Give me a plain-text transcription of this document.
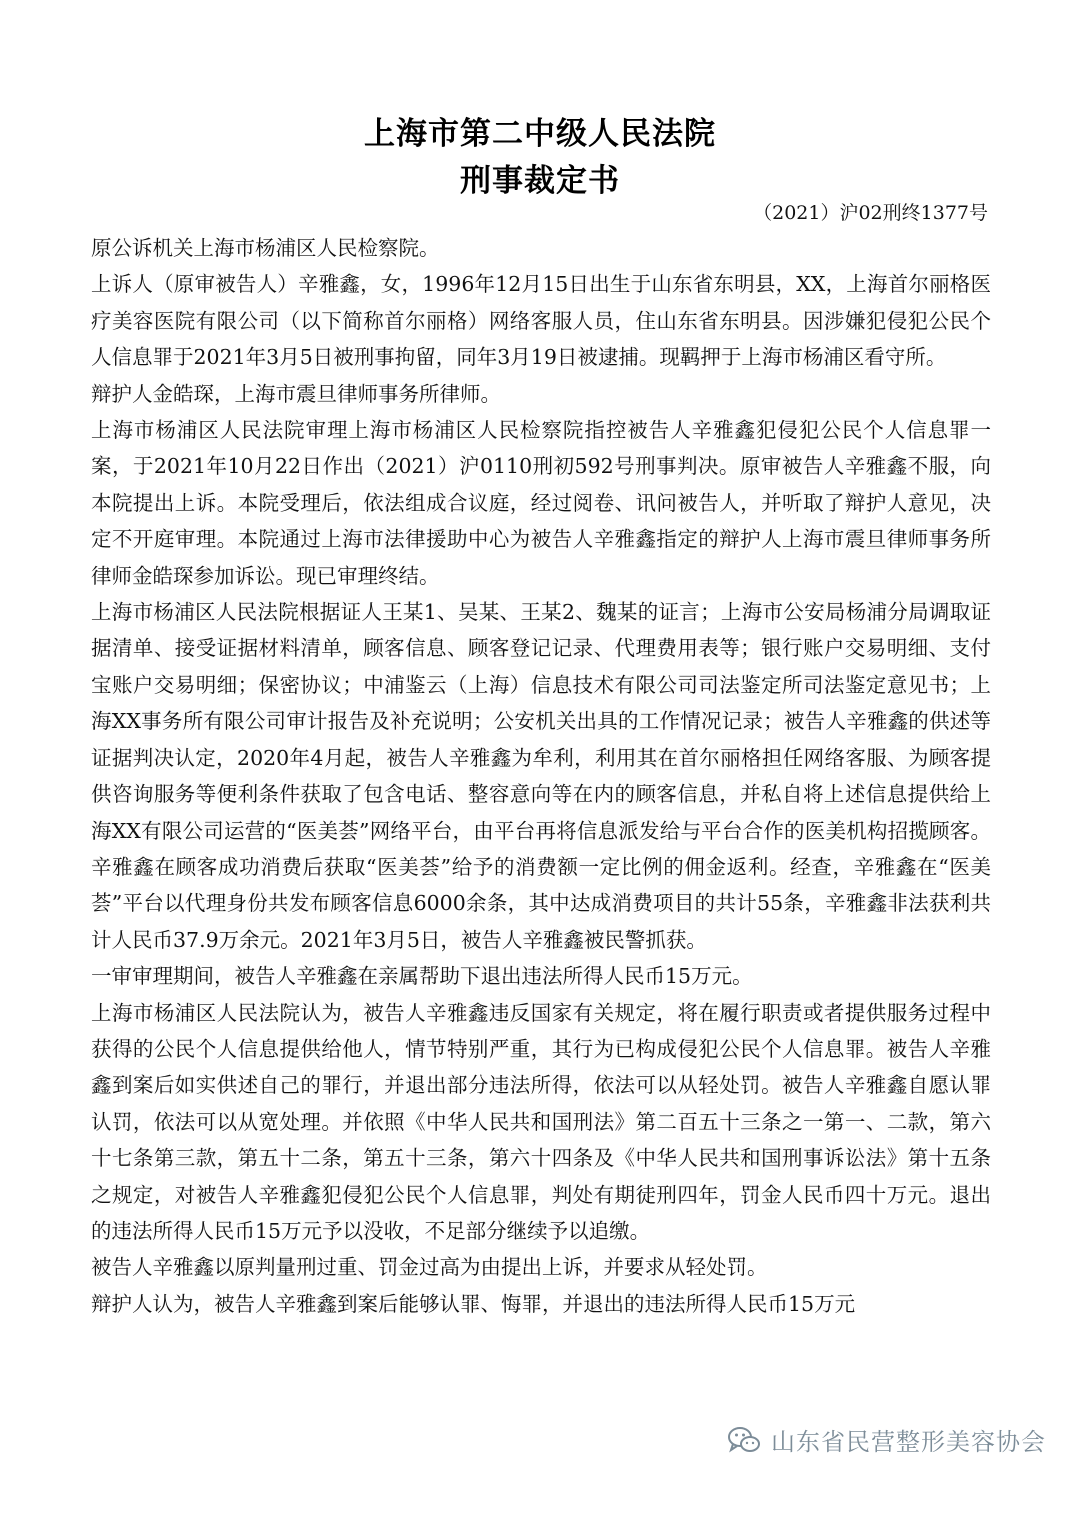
上海市第二中级人民法院
刑事裁定书
（2021）沪02刑终1377号

原公诉机关上海市杨浦区人民检察院。

上诉人（原审被告人）辛雅鑫，女，1996年12月15日出生于山东省东明县，XX，上海首尔丽格医疗美容医院有限公司（以下简称首尔丽格）网络客服人员，住山东省东明县。因涉嫌犯侵犯公民个人信息罪于2021年3月5日被刑事拘留，同年3月19日被逮捕。现羁押于上海市杨浦区看守所。

辩护人金皓琛，上海市震旦律师事务所律师。

上海市杨浦区人民法院审理上海市杨浦区人民检察院指控被告人辛雅鑫犯侵犯公民个人信息罪一案，于2021年10月22日作出（2021）沪0110刑初592号刑事判决。原审被告人辛雅鑫不服，向本院提出上诉。本院受理后，依法组成合议庭，经过阅卷、讯问被告人，并听取了辩护人意见，决定不开庭审理。本院通过上海市法律援助中心为被告人辛雅鑫指定的辩护人上海市震旦律师事务所律师金皓琛参加诉讼。现已审理终结。

上海市杨浦区人民法院根据证人王某1、吴某、王某2、魏某的证言；上海市公安局杨浦分局调取证据清单、接受证据材料清单，顾客信息、顾客登记记录、代理费用表等；银行账户交易明细、支付宝账户交易明细；保密协议；中浦鉴云（上海）信息技术有限公司司法鉴定所司法鉴定意见书；上海XX事务所有限公司审计报告及补充说明；公安机关出具的工作情况记录；被告人辛雅鑫的供述等证据判决认定，2020年4月起，被告人辛雅鑫为牟利，利用其在首尔丽格担任网络客服、为顾客提供咨询服务等便利条件获取了包含电话、整容意向等在内的顾客信息，并私自将上述信息提供给上海XX有限公司运营的“医美荟”网络平台，由平台再将信息派发给与平台合作的医美机构招揽顾客。辛雅鑫在顾客成功消费后获取“医美荟”给予的消费额一定比例的佣金返利。经查，辛雅鑫在“医美荟”平台以代理身份共发布顾客信息6000余条，其中达成消费项目的共计55条，辛雅鑫非法获利共计人民币37.9万余元。2021年3月5日，被告人辛雅鑫被民警抓获。

一审审理期间，被告人辛雅鑫在亲属帮助下退出违法所得人民币15万元。

上海市杨浦区人民法院认为，被告人辛雅鑫违反国家有关规定，将在履行职责或者提供服务过程中获得的公民个人信息提供给他人，情节特别严重，其行为已构成侵犯公民个人信息罪。被告人辛雅鑫到案后如实供述自己的罪行，并退出部分违法所得，依法可以从轻处罚。被告人辛雅鑫自愿认罪认罚，依法可以从宽处理。并依照《中华人民共和国刑法》第二百五十三条之一第一、二款，第六十七条第三款，第五十二条，第五十三条，第六十四条及《中华人民共和国刑事诉讼法》第十五条之规定，对被告人辛雅鑫犯侵犯公民个人信息罪，判处有期徒刑四年，罚金人民币四十万元。退出的违法所得人民币15万元予以没收，不足部分继续予以追缴。

被告人辛雅鑫以原判量刑过重、罚金过高为由提出上诉，并要求从轻处罚。

辩护人认为，被告人辛雅鑫到案后能够认罪、悔罪，并退出的违法所得人民币15万元

山东省民营整形美容协会
